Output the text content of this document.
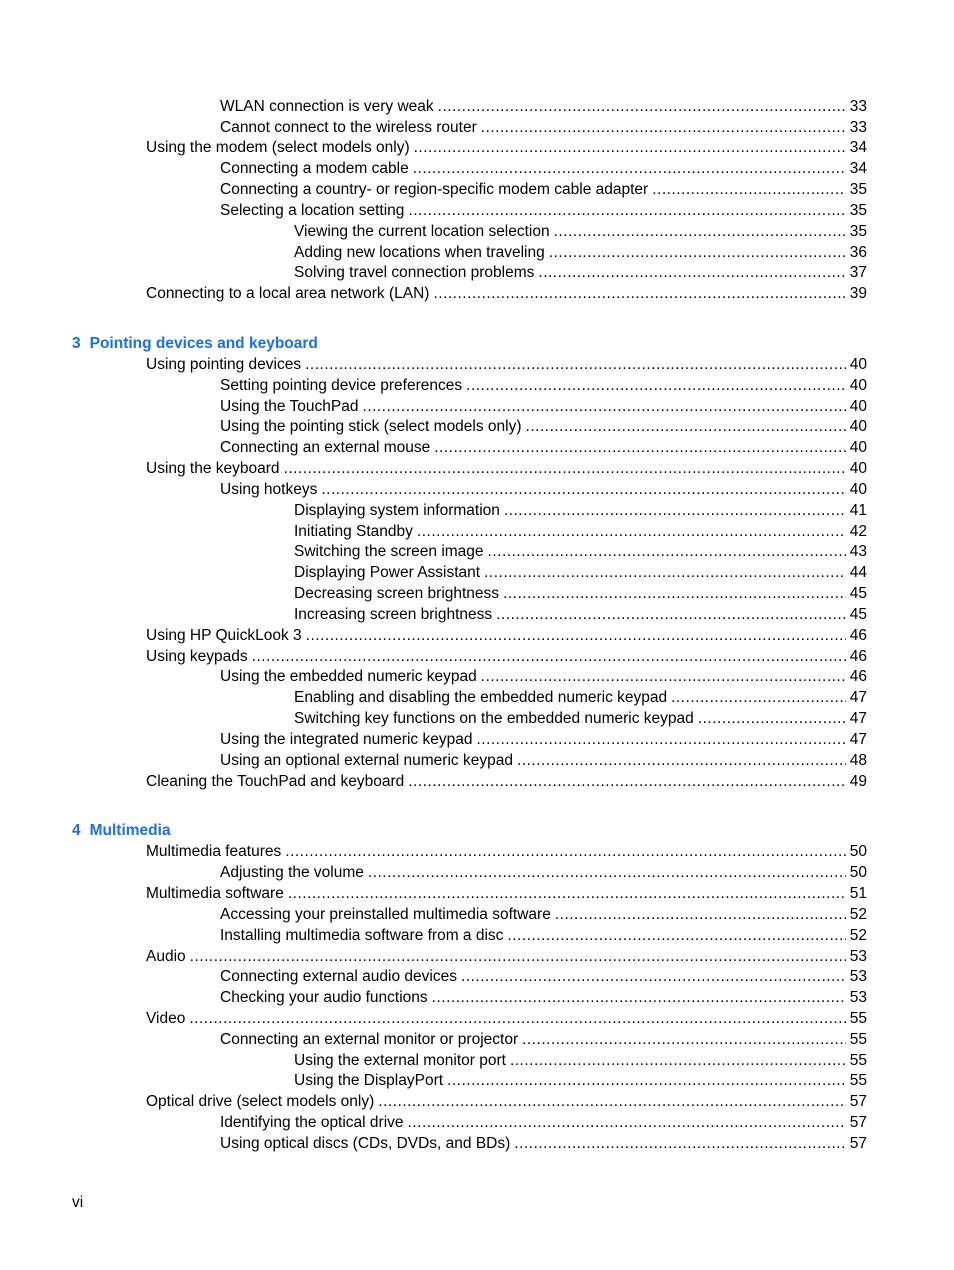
WLAN connection is very weak .....	33
Cannot connect to the wireless router .....	33
Using the modem (select models only) .....	34
Connecting a modem cable .....	34
Connecting a country- or region-specific modem cable adapter .....	35
Selecting a location setting .....	35
Viewing the current location selection .....	35
Adding new locations when traveling .....	36
Solving travel connection problems .....	37
Connecting to a local area network (LAN) .....	39
3 Pointing devices and keyboard
Using pointing devices .....	40
Setting pointing device preferences .....	40
Using the TouchPad .....	40
Using the pointing stick (select models only) .....	40
Connecting an external mouse .....	40
Using the keyboard .....	40
Using hotkeys .....	40
Displaying system information .....	41
Initiating Standby .....	42
Switching the screen image .....	43
Displaying Power Assistant .....	44
Decreasing screen brightness .....	45
Increasing screen brightness .....	45
Using HP QuickLook 3 .....	46
Using keypads .....	46
Using the embedded numeric keypad .....	46
Enabling and disabling the embedded numeric keypad .....	47
Switching key functions on the embedded numeric keypad .....	47
Using the integrated numeric keypad .....	47
Using an optional external numeric keypad .....	48
Cleaning the TouchPad and keyboard .....	49
4 Multimedia
Multimedia features .....	50
Adjusting the volume .....	50
Multimedia software .....	51
Accessing your preinstalled multimedia software .....	52
Installing multimedia software from a disc .....	52
Audio .....	53
Connecting external audio devices .....	53
Checking your audio functions .....	53
Video .....	55
Connecting an external monitor or projector .....	55
Using the external monitor port .....	55
Using the DisplayPort .....	55
Optical drive (select models only) .....	57
Identifying the optical drive .....	57
Using optical discs (CDs, DVDs, and BDs) .....	57
vi
